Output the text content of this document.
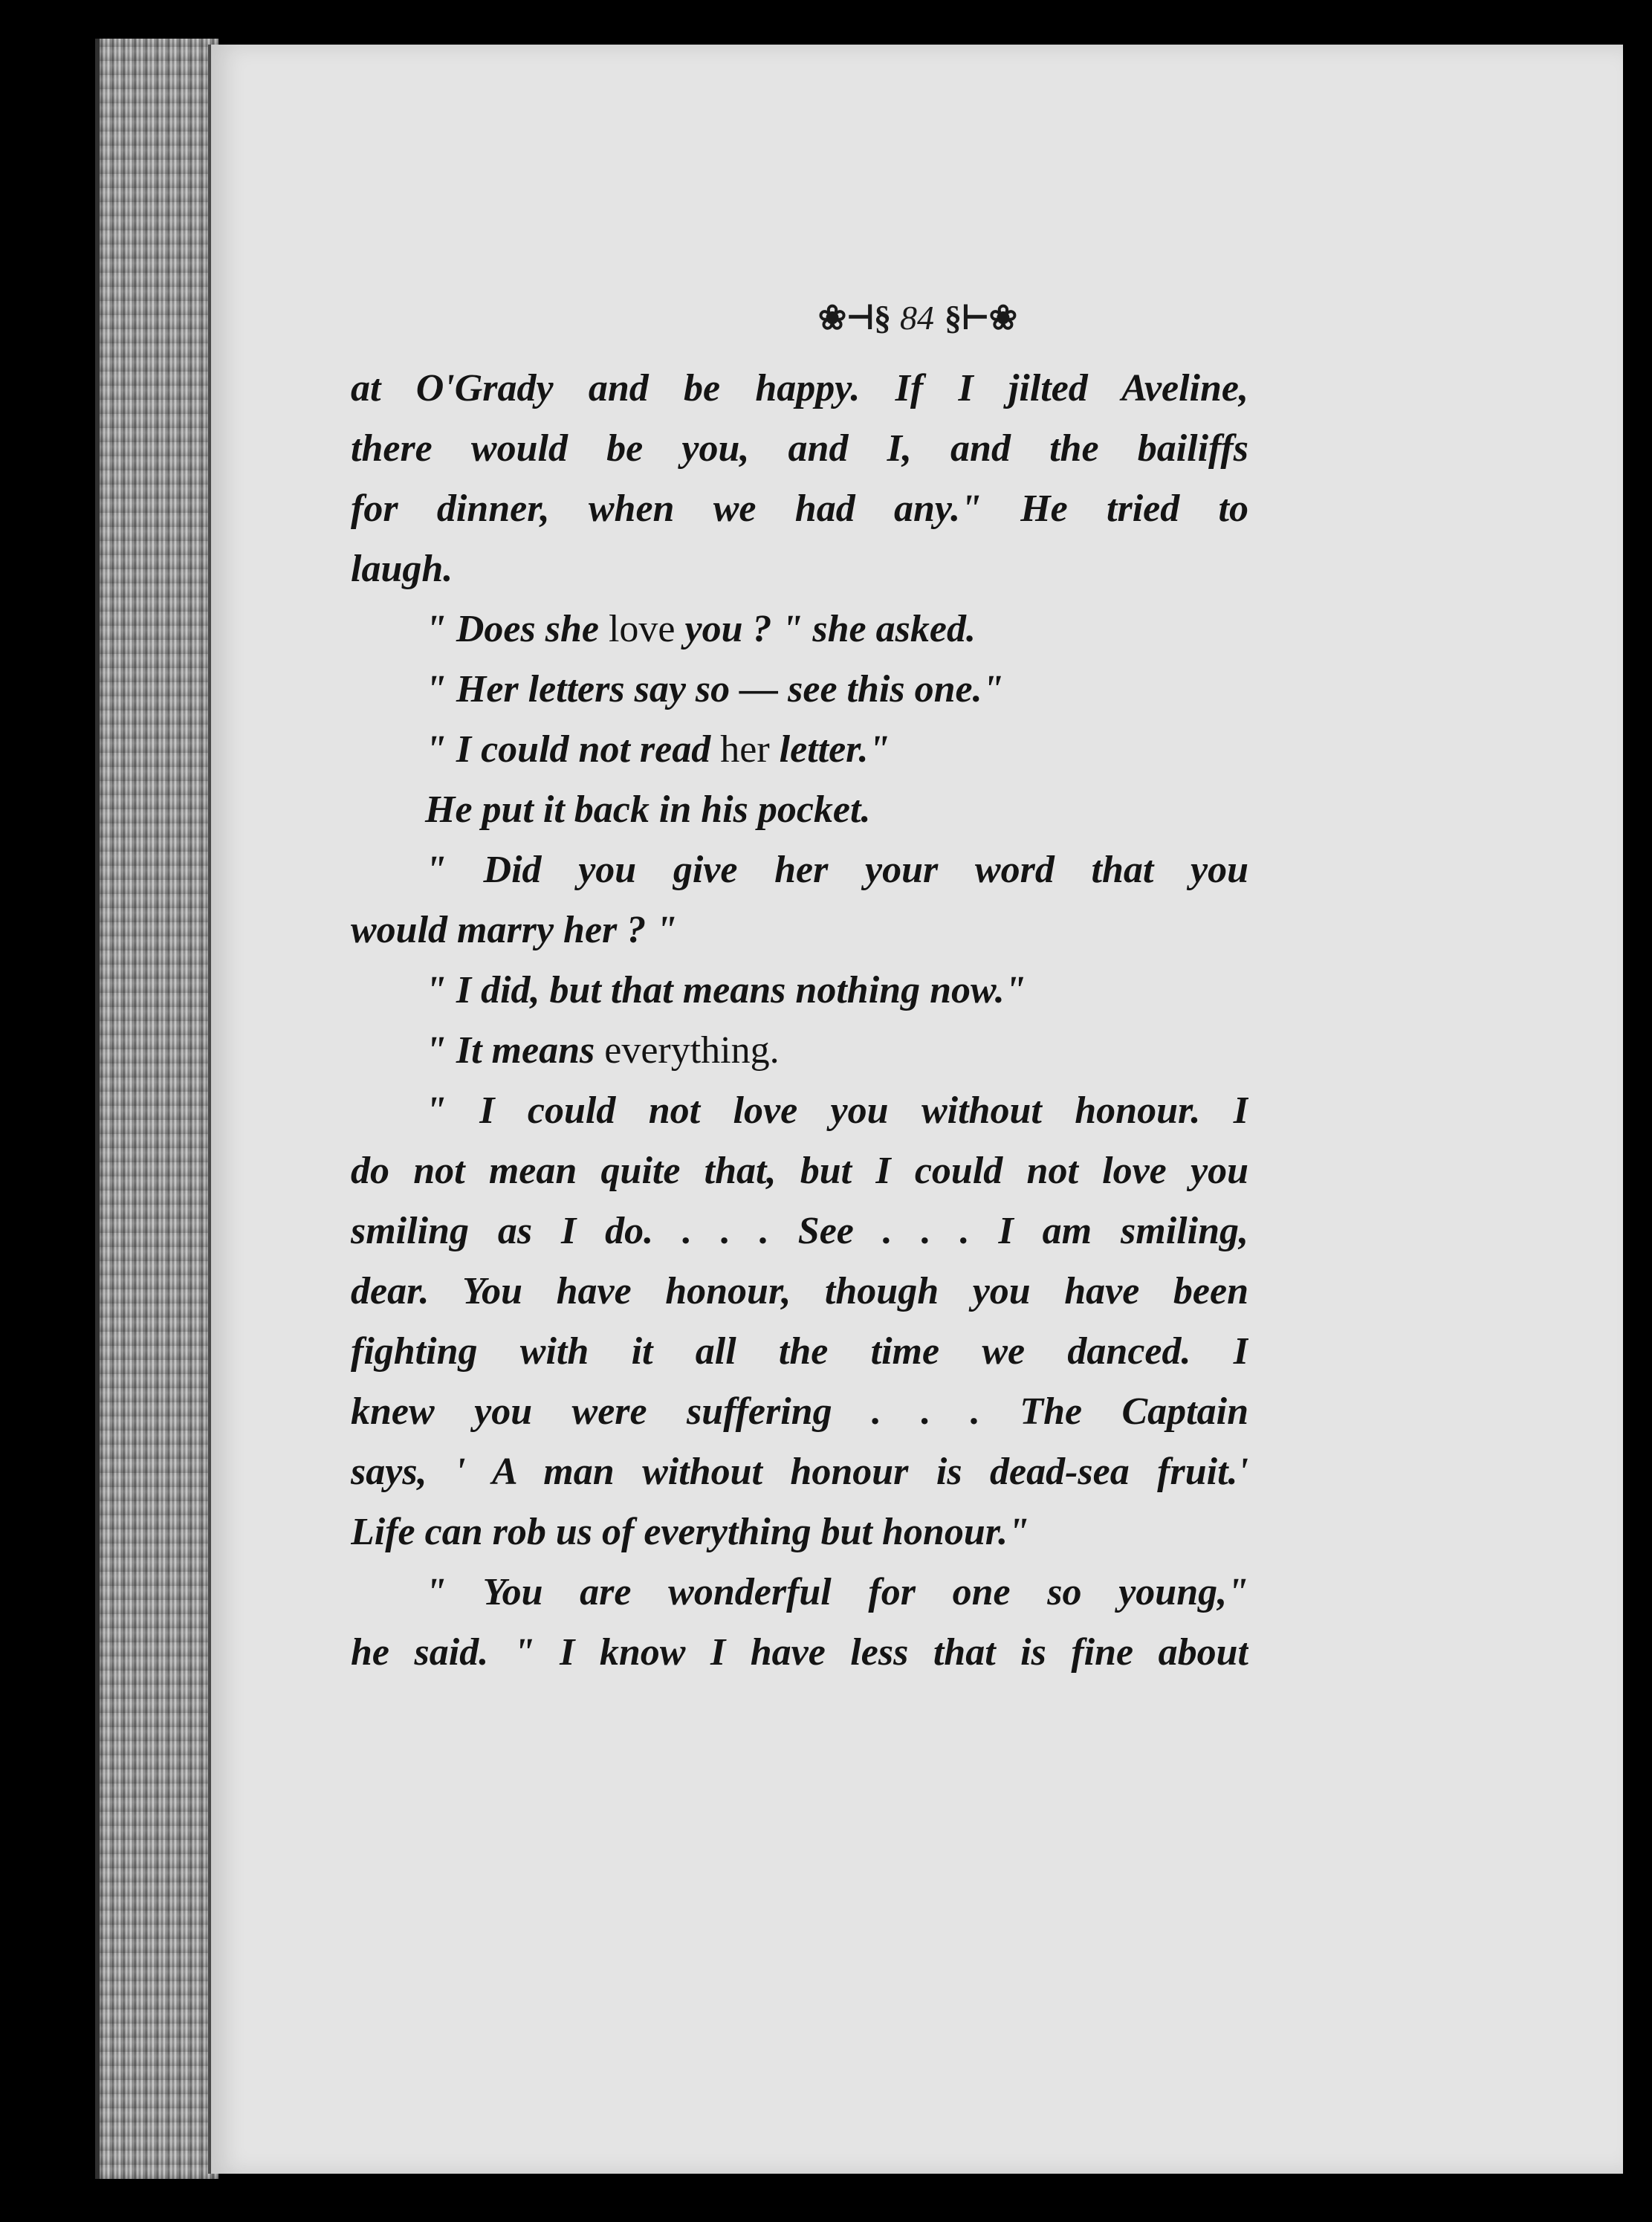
❀⊣§ 84 §⊢❀
at O'Grady and be happy. If I jilted Aveline,
there would be you, and I, and the bailiffs
for dinner, when we had any." He tried to
laugh.
" Does she love you ? " she asked.
" Her letters say so — see this one."
" I could not read her letter."
He put it back in his pocket.
" Did you give her your word that you
would marry her ? "
" I did, but that means nothing now."
" It means everything.
" I could not love you without honour. I
do not mean quite that, but I could not love you
smiling as I do. . . . See . . . I am smiling,
dear. You have honour, though you have been
fighting with it all the time we danced. I
knew you were suffering . . . The Captain
says, ' A man without honour is dead-sea fruit.'
Life can rob us of everything but honour."
" You are wonderful for one so young,"
he said. " I know I have less that is fine about
